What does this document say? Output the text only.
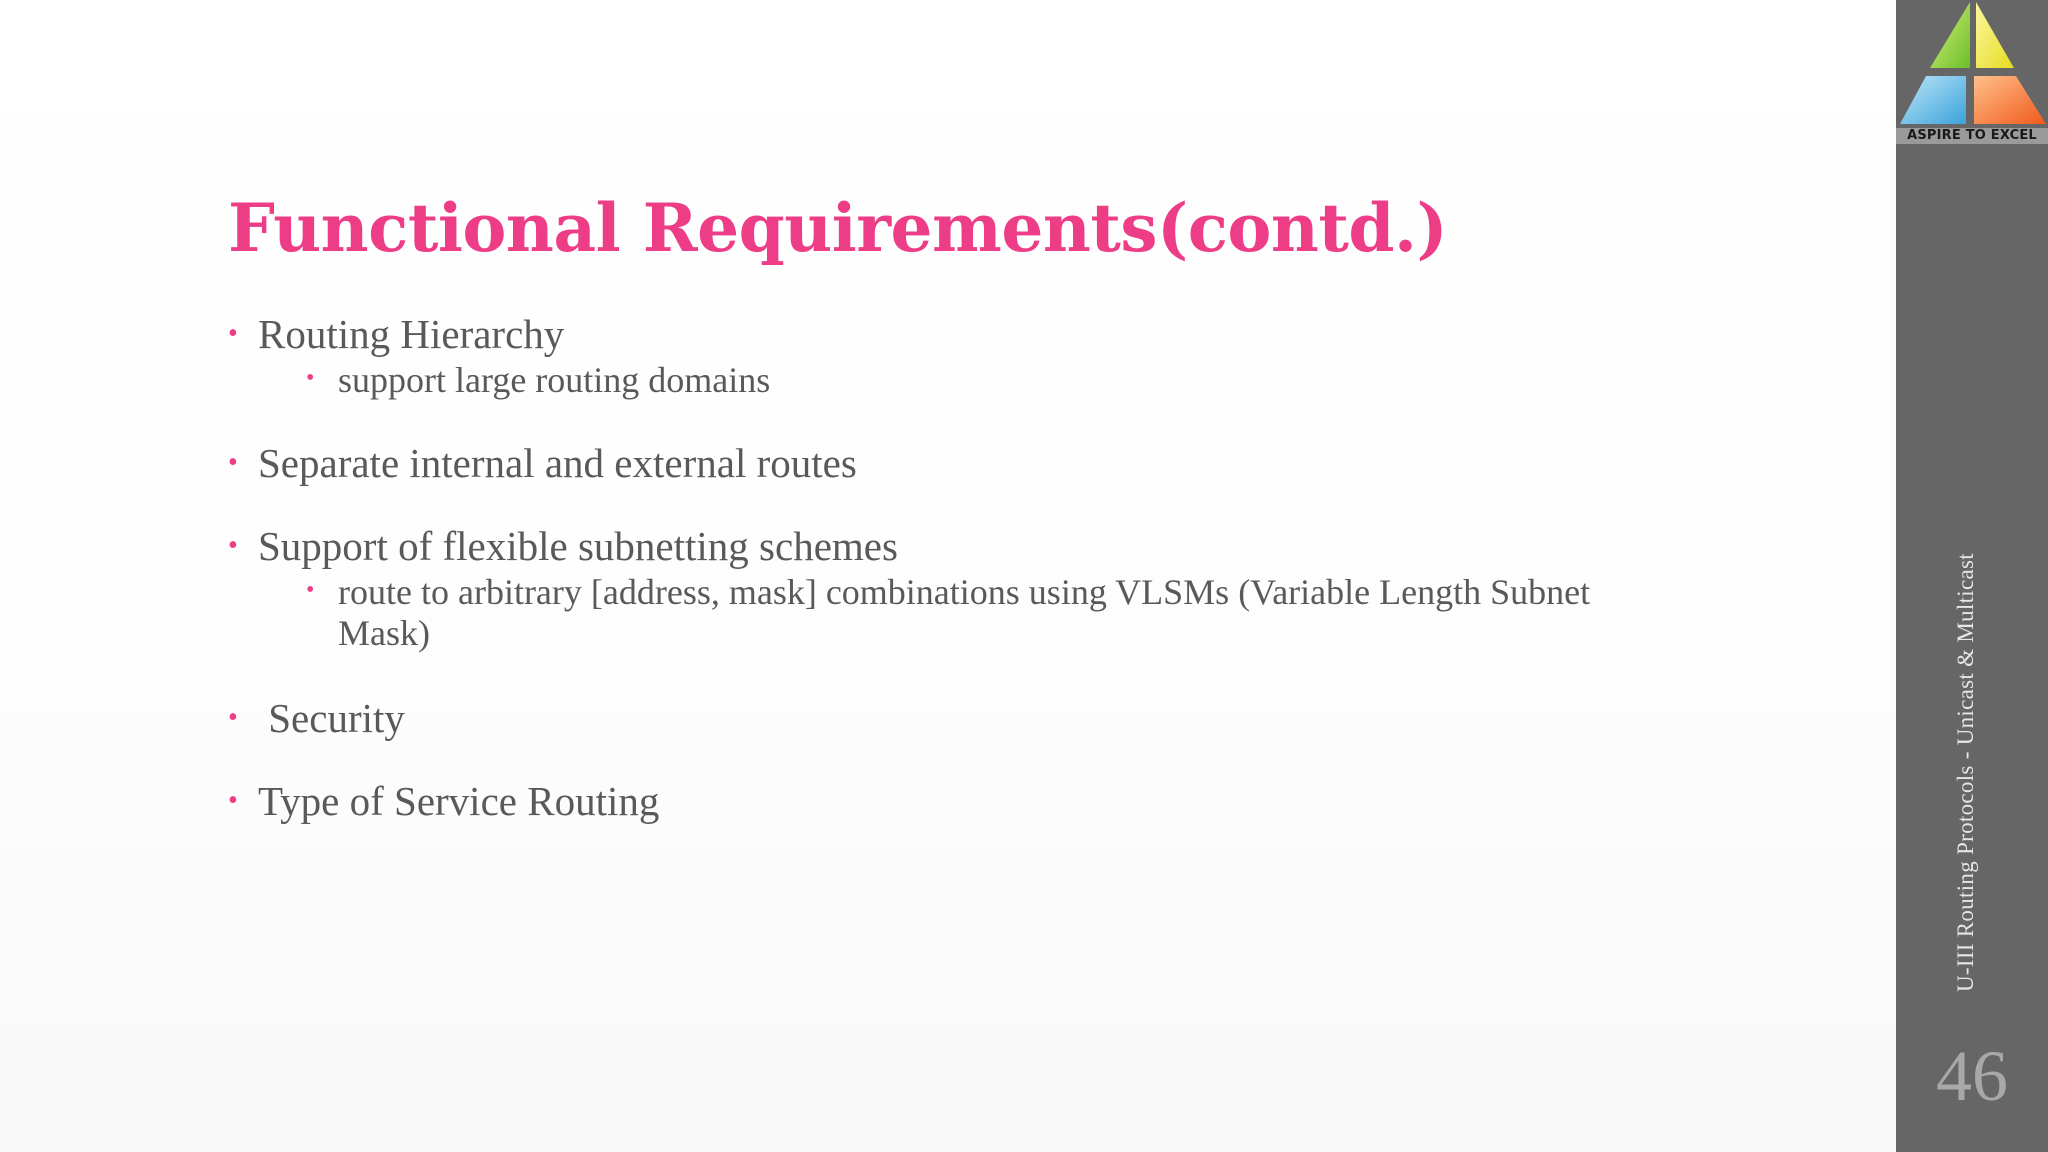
Functional Requirements(contd.)
• Routing Hierarchy
• support large routing domains
• Separate internal and external routes
• Support of flexible subnetting schemes
• route to arbitrary [address, mask] combinations using VLSMs (Variable Length Subnet Mask)
• Security
• Type of Service Routing
ASPIRE TO EXCEL
U-III Routing Protocols - Unicast & Multicast
46
